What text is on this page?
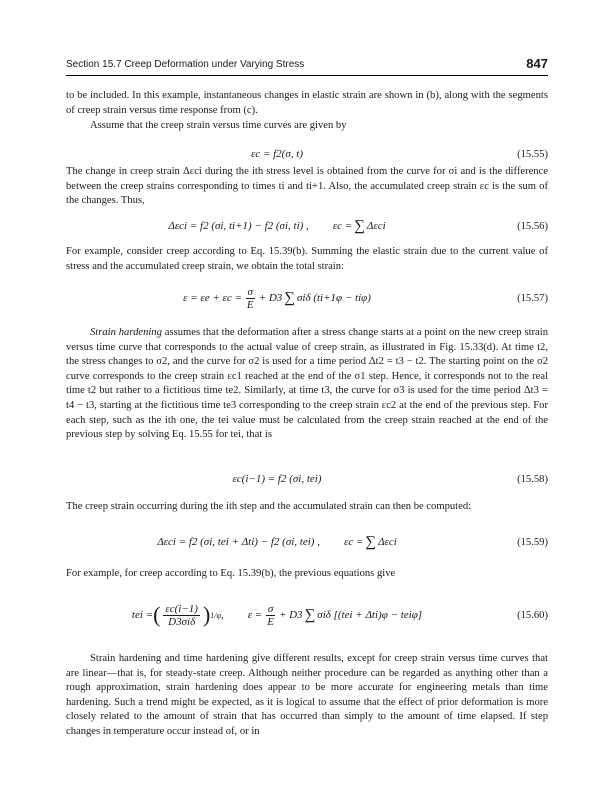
Section 15.7 Creep Deformation under Varying Stress	847

to be included. In this example, instantaneous changes in elastic strain are shown in (b), along with the segments of creep strain versus time response from (c).

Assume that the creep strain versus time curves are given by

εc = f2(σ, t)	(15.55)

The change in creep strain Δεci during the ith stress level is obtained from the curve for σi and is the difference between the creep strains corresponding to times ti and ti+1. Also, the accumulated creep strain εc is the sum of the changes. Thus,

Δεci = f2 (σi, ti+1) − f2 (σi, ti) , εc = ∑ Δεci	(15.56)

For example, consider creep according to Eq. 15.39(b). Summing the elastic strain due to the current value of stress and the accumulated creep strain, we obtain the total strain:

$\varepsilon = \varepsilon e + \varepsilon c = \frac{\sigma}{E} + D3$ ∑ σiδ (ti+1φ − tiφ)	(15.57)

Strain hardening assumes that the deformation after a stress change starts at a point on the new creep strain versus time curve that corresponds to the actual value of creep strain, as illustrated in Fig. 15.33(d). At time t2, the stress changes to σ2, and the curve for σ2 is used for a time period Δt2 = t3 − t2. The starting point on the σ2 curve corresponds to the creep strain εc1 reached at the end of the σ1 step. Hence, it corresponds not to the real time t2 but rather to a fictitious time te2. Similarly, at time t3, the curve for σ3 is used for the time period Δt3 = t4 − t3, starting at the fictitious time te3 corresponding to the creep strain εc2 at the end of the previous step. For each step, such as the ith one, the tei value must be calculated from the creep strain reached at the end of the previous step by solving Eq. 15.55 for tei, that is

εc(i−1) = f2 (σi, tei)	(15.58)

The creep strain occurring during the ith step and the accumulated strain can then be computed:

Δεci = f2 (σi, tei + Δti) − f2 (σi, tei) , εc = ∑ Δεci	(15.59)

For example, for creep according to Eq. 15.39(b), the previous equations give

tei = ( $\frac{\varepsilon c(i-1)}{\text{D3σiδ}}$ ) 1/φ , $\varepsilon = \frac{\sigma}{E} + D3$ ∑ σiδ [(tei + Δti)φ − teiφ]	(15.60)

Strain hardening and time hardening give different results, except for creep strain versus time curves that are linear—that is, for steady-state creep. Although neither procedure can be regarded as anything other than a rough approximation, strain hardening does appear to be more accurate for engineering metals than time hardening. Such a trend might be expected, as it is logical to assume that the effect of prior deformation is more closely related to the amount of strain that has occurred than simply to the amount of time elapsed. If step changes in temperature occur instead of, or in
